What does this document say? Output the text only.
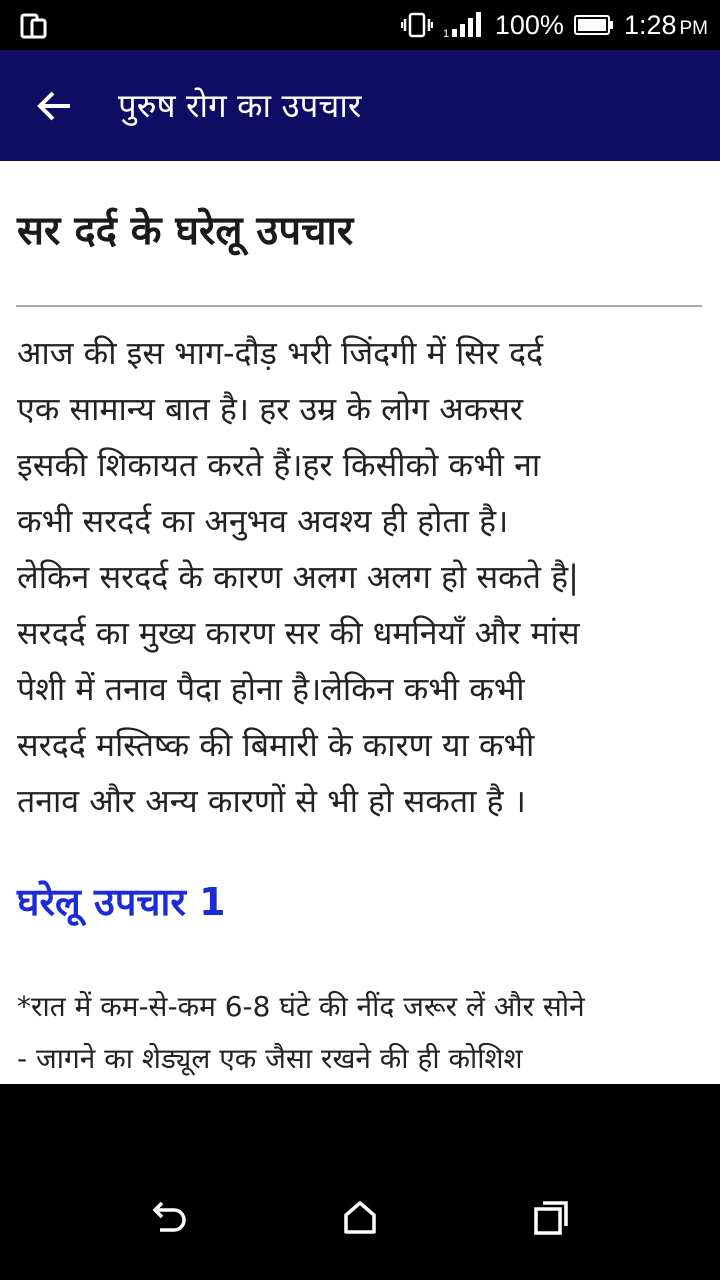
1 100% 1:28 PM
पुरुष रोग का उपचार
सर दर्द के घरेलू उपचार
आज की इस भाग-दौड़ भरी जिंदगी में सिर दर्द
एक सामान्य बात है। हर उम्र के लोग अकसर
इसकी शिकायत करते हैं।हर किसीको कभी ना
कभी सरदर्द का अनुभव अवश्य ही होता है।
लेकिन सरदर्द के कारण अलग अलग हो सकते है|
सरदर्द का मुख्य कारण सर की धमनियाँ और मांस
पेशी में तनाव पैदा होना है।लेकिन कभी कभी
सरदर्द मस्तिष्क की बिमारी के कारण या कभी
तनाव और अन्य कारणों से भी हो सकता है ।
घरेलू उपचार 1
*रात में कम-से-कम 6-8 घंटे की नींद जरूर लें और सोने
- जागने का शेड्यूल एक जैसा रखने की ही कोशिश
